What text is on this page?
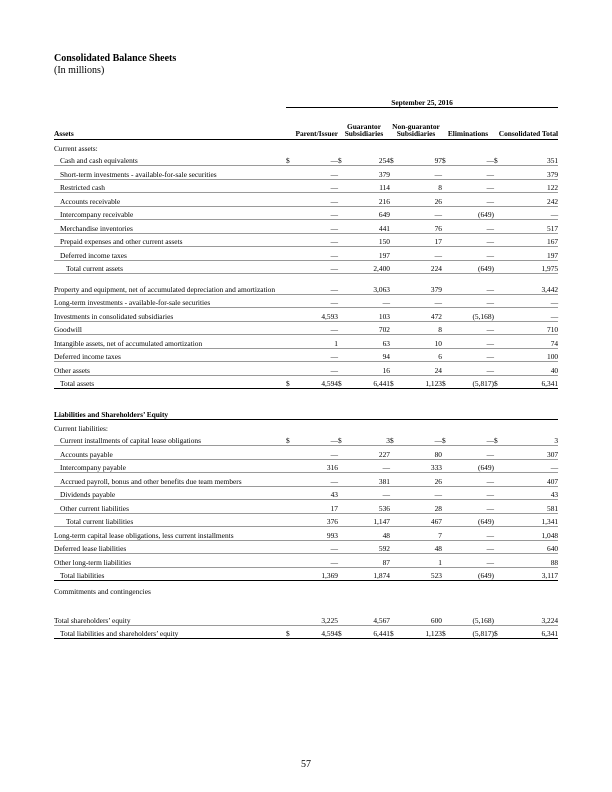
Consolidated Balance Sheets
(In millions)
	September 25, 2016									
Assets	Parent/Issuer		Guarantor Subsidiaries		Non-guarantor Subsidiaries		Eliminations		Consolidated Total	
Current assets:										
Cash and cash equivalents	$	—	$	254	$	97	$	—	$	351
Short-term investments - available-for-sale securities		—		379		—		—		379
Restricted cash		—		114		8		—		122
Accounts receivable		—		216		26		—		242
Intercompany receivable		—		649		—		(649)		—
Merchandise inventories		—		441		76		—		517
Prepaid expenses and other current assets		—		150		17		—		167
Deferred income taxes		—		197		—		—		197
Total current assets		—		2,400		224		(649)		1,975
Property and equipment, net of accumulated depreciation and amortization		—		3,063		379		—		3,442
Long-term investments - available-for-sale securities		—		—		—		—		—
Investments in consolidated subsidiaries		4,593		103		472		(5,168)		—
Goodwill		—		702		8		—		710
Intangible assets, net of accumulated amortization		1		63		10		—		74
Deferred income taxes		—		94		6		—		100
Other assets		—		16		24		—		40
Total assets	$	4,594	$	6,441	$	1,123	$	(5,817)	$	6,341

Liabilities and Shareholders’ Equity										
Current liabilities:										
Current installments of capital lease obligations	$	—	$	3	$	—	$	—	$	3
Accounts payable		—		227		80		—		307
Intercompany payable		316		—		333		(649)		—
Accrued payroll, bonus and other benefits due team members		—		381		26		—		407
Dividends payable		43		—		—		—		43
Other current liabilities		17		536		28		—		581
Total current liabilities		376		1,147		467		(649)		1,341
Long-term capital lease obligations, less current installments		993		48		7		—		1,048
Deferred lease liabilities		—		592		48		—		640
Other long-term liabilities		—		87		1		—		88
Total liabilities		1,369		1,874		523		(649)		3,117
Commitments and contingencies										

Total shareholders’ equity		3,225		4,567		600		(5,168)		3,224
Total liabilities and shareholders’ equity	$	4,594	$	6,441	$	1,123	$	(5,817)	$	6,341
57
